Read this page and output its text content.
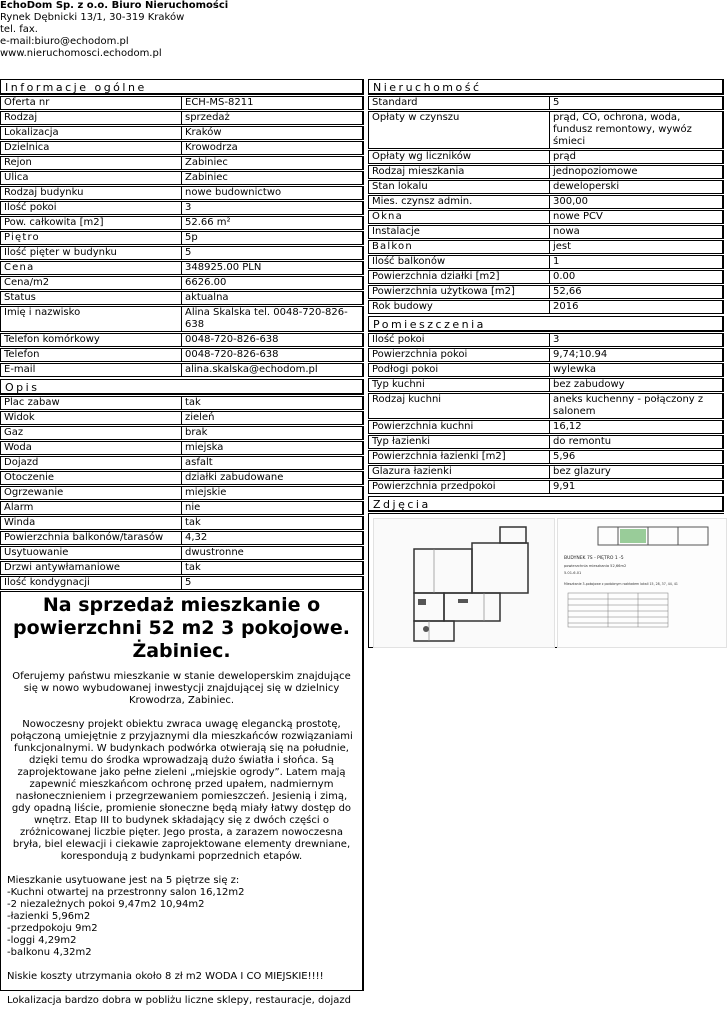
EchoDom Sp. z o.o. Biuro Nieruchomości
Rynek Dębnicki 13/1, 30-319 Kraków
tel. fax.
e-mail:biuro@echodom.pl
www.nieruchomosci.echodom.pl
Informacje ogólne
Oferta nr	ECH-MS-8211
Rodzaj	sprzedaż
Lokalizacja	Kraków
Dzielnica	Krowodrza
Rejon	Żabiniec
Ulica	Żabiniec
Rodzaj budynku	nowe budownictwo
Ilość pokoi	3
Pow. całkowita [m2]	52.66 m²
Piętro	5p
Ilość pięter w budynku	5
Cena	348925.00 PLN
Cena/m2	6626.00
Status	aktualna
Imię i nazwisko	Alina Skalska tel. 0048-720-826-638
Telefon komórkowy	0048-720-826-638
Telefon	0048-720-826-638
E-mail	alina.skalska@echodom.pl
Opis
Plac zabaw	tak
Widok	zieleń
Gaz	brak
Woda	miejska
Dojazd	asfalt
Otoczenie	działki zabudowane
Ogrzewanie	miejskie
Alarm	nie
Winda	tak
Powierzchnia balkonów/tarasów	4,32
Usytuowanie	dwustronne
Drzwi antywłamaniowe	tak
Ilość kondygnacji	5
Na sprzedaż mieszkanie o powierzchni 52 m2 3 pokojowe. Żabiniec.

Oferujemy państwu mieszkanie w stanie deweloperskim znajdujące się w nowo wybudowanej inwestycji znajdującej się w dzielnicy Krowodrza, Zabiniec.

Nowoczesny projekt obiektu zwraca uwagę elegancką prostotę, połączoną umiejętnie z przyjaznymi dla mieszkańców rozwiązaniami funkcjonalnymi. W budynkach podwórka otwierają się na południe, dzięki temu do środka wprowadzają dużo światła i słońca. Są zaprojektowane jako pełne zieleni „miejskie ogrody”. Latem mają zapewnić mieszkańcom ochronę przed upałem, nadmiernym nasłonecznieniem i przegrzewaniem pomieszczeń. Jesienią i zimą, gdy opadną liście, promienie słoneczne będą miały łatwy dostęp do wnętrz. Etap III to budynek składający się z dwóch części o zróżnicowanej liczbie pięter. Jego prosta, a zarazem nowoczesna bryła, biel elewacji i ciekawie zaprojektowane elementy drewniane, korespondują z budynkami poprzednich etapów.

Mieszkanie usytuowane jest na 5 piętrze się z:
-Kuchni otwartej na przestronny salon 16,12m2
-2 niezależnych pokoi 9,47m2 10,94m2
-łazienki 5,96m2
-przedpokoju 9m2
-loggi 4,29m2
-balkonu 4,32m2

Niskie koszty utrzymania około 8 zł m2 WODA I CO MIEJSKIE!!!!

Lokalizacja bardzo dobra w pobliżu liczne sklepy, restauracje, dojazd

Nieruchomość
Standard	5
Opłaty w czynszu	prąd, CO, ochrona, woda, fundusz remontowy, wywóz śmieci
Opłaty wg liczników	prąd
Rodzaj mieszkania	jednopoziomowe
Stan lokalu	deweloperski
Mies. czynsz admin.	300,00
Okna	nowe PCV
Instalacje	nowa
Balkon	jest
Ilość balkonów	1
Powierzchnia działki [m2]	0.00
Powierzchnia użytkowa [m2]	52,66
Rok budowy	2016
Pomieszczenia
Ilość pokoi	3
Powierzchnia pokoi	9,74;10.94
Podłogi pokoi	wylewka
Typ kuchni	bez zabudowy
Rodzaj kuchni	aneks kuchenny - połączony z salonem
Powierzchnia kuchni	16,12
Typ łazienki	do remontu
Powierzchnia łazienki [m2]	5,96
Glazura łazienki	bez glazury
Powierzchnia przedpokoi	9,91
Zdjęcia
BUDYNEK 7S - PIĘTRO 1 -5
powierzchnia mieszkania 52,66m2
5.01-6.01
Mieszkanie 3-pokojowe z podobnym rozkładem lokali 15, 28, 37, 44, 41
